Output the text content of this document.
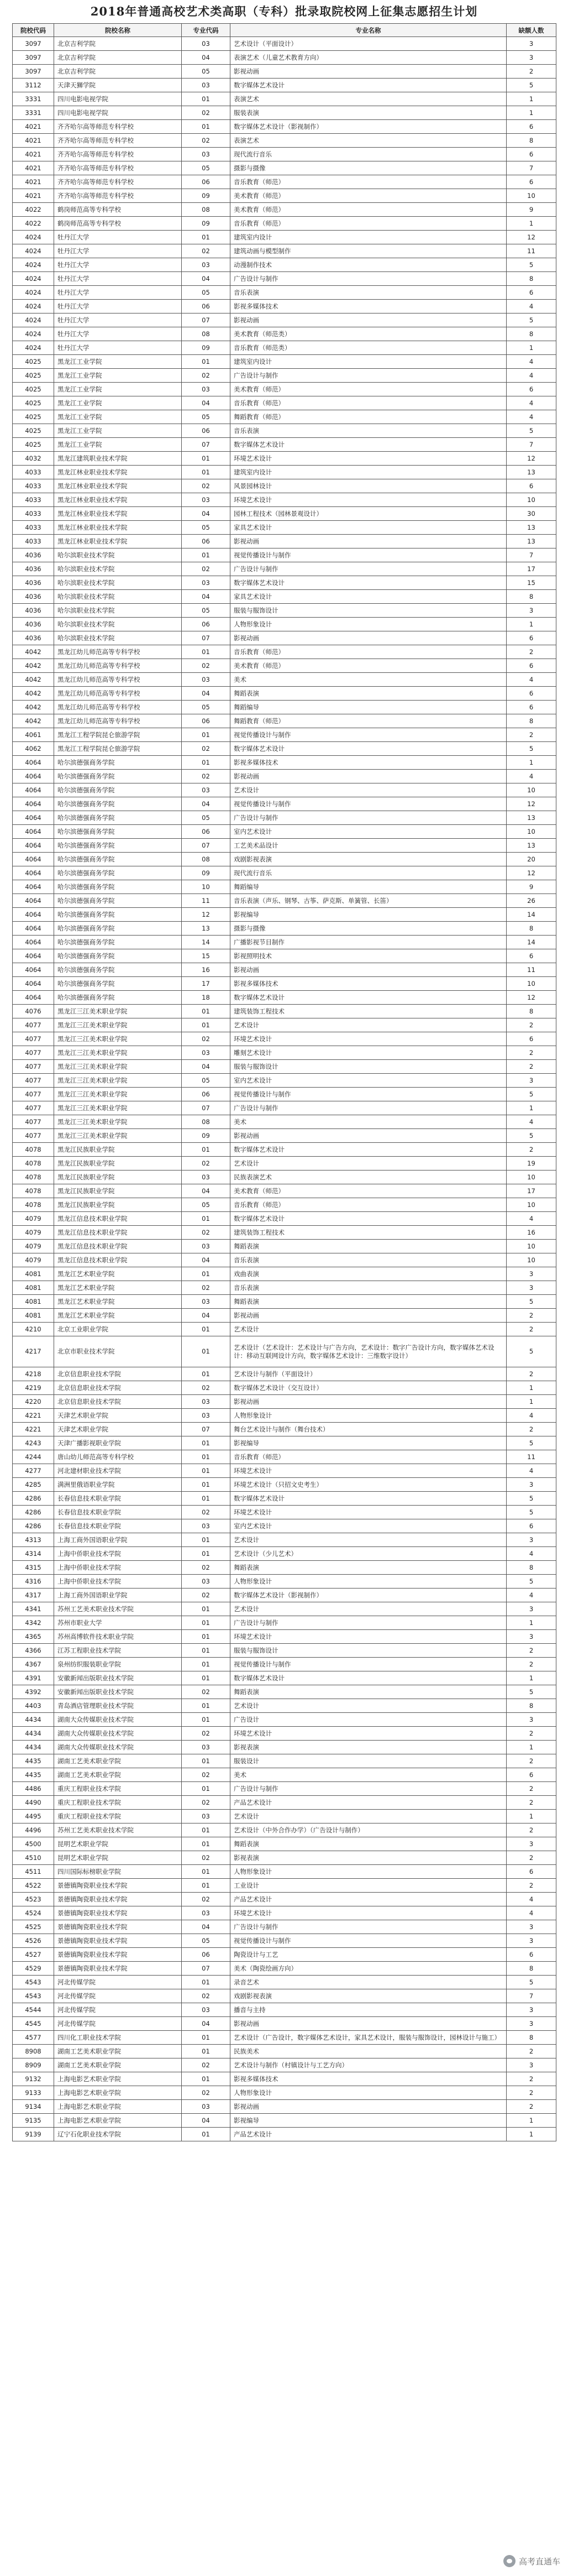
2018年普通高校艺术类高职（专科）批录取院校网上征集志愿招生计划
院校代码	院校名称	专业代码	专业名称	缺额人数
3097	北京吉利学院	03	艺术设计（平面设计）	3
3097	北京吉利学院	04	表演艺术（儿童艺术教育方向）	3
3097	北京吉利学院	05	影视动画	2
3112	天津天狮学院	03	数字媒体艺术设计	5
3331	四川电影电视学院	01	表演艺术	1
3331	四川电影电视学院	02	服装表演	1
4021	齐齐哈尔高等师范专科学校	01	数字媒体艺术设计（影视制作）	6
4021	齐齐哈尔高等师范专科学校	02	表演艺术	8
4021	齐齐哈尔高等师范专科学校	03	现代流行音乐	6
4021	齐齐哈尔高等师范专科学校	05	摄影与摄像	7
4021	齐齐哈尔高等师范专科学校	06	音乐教育（师范）	6
4021	齐齐哈尔高等师范专科学校	09	美术教育（师范）	10
4022	鹤岗师范高等专科学校	08	美术教育（师范）	9
4022	鹤岗师范高等专科学校	09	音乐教育（师范）	1
4024	牡丹江大学	01	建筑室内设计	12
4024	牡丹江大学	02	建筑动画与模型制作	11
4024	牡丹江大学	03	动漫制作技术	5
4024	牡丹江大学	04	广告设计与制作	8
4024	牡丹江大学	05	音乐表演	6
4024	牡丹江大学	06	影视多媒体技术	4
4024	牡丹江大学	07	影视动画	5
4024	牡丹江大学	08	美术教育（师范类）	8
4024	牡丹江大学	09	音乐教育（师范类）	1
4025	黑龙江工业学院	01	建筑室内设计	4
4025	黑龙江工业学院	02	广告设计与制作	4
4025	黑龙江工业学院	03	美术教育（师范）	6
4025	黑龙江工业学院	04	音乐教育（师范）	4
4025	黑龙江工业学院	05	舞蹈教育（师范）	4
4025	黑龙江工业学院	06	音乐表演	5
4025	黑龙江工业学院	07	数字媒体艺术设计	7
4032	黑龙江建筑职业技术学院	01	环境艺术设计	12
4033	黑龙江林业职业技术学院	01	建筑室内设计	13
4033	黑龙江林业职业技术学院	02	风景园林设计	6
4033	黑龙江林业职业技术学院	03	环境艺术设计	10
4033	黑龙江林业职业技术学院	04	园林工程技术（园林景观设计）	30
4033	黑龙江林业职业技术学院	05	家具艺术设计	13
4033	黑龙江林业职业技术学院	06	影视动画	13
4036	哈尔滨职业技术学院	01	视觉传播设计与制作	7
4036	哈尔滨职业技术学院	02	广告设计与制作	17
4036	哈尔滨职业技术学院	03	数字媒体艺术设计	15
4036	哈尔滨职业技术学院	04	家具艺术设计	8
4036	哈尔滨职业技术学院	05	服装与服饰设计	3
4036	哈尔滨职业技术学院	06	人物形象设计	1
4036	哈尔滨职业技术学院	07	影视动画	6
4042	黑龙江幼儿师范高等专科学校	01	音乐教育（师范）	2
4042	黑龙江幼儿师范高等专科学校	02	美术教育（师范）	6
4042	黑龙江幼儿师范高等专科学校	03	美术	4
4042	黑龙江幼儿师范高等专科学校	04	舞蹈表演	6
4042	黑龙江幼儿师范高等专科学校	05	舞蹈编导	6
4042	黑龙江幼儿师范高等专科学校	06	舞蹈教育（师范）	8
4061	黑龙江工程学院昆仑旅游学院	01	视觉传播设计与制作	2
4062	黑龙江工程学院昆仑旅游学院	02	数字媒体艺术设计	5
4064	哈尔滨德强商务学院	01	影视多媒体技术	1
4064	哈尔滨德强商务学院	02	影视动画	4
4064	哈尔滨德强商务学院	03	艺术设计	10
4064	哈尔滨德强商务学院	04	视觉传播设计与制作	12
4064	哈尔滨德强商务学院	05	广告设计与制作	13
4064	哈尔滨德强商务学院	06	室内艺术设计	10
4064	哈尔滨德强商务学院	07	工艺美术品设计	13
4064	哈尔滨德强商务学院	08	戏剧影视表演	20
4064	哈尔滨德强商务学院	09	现代流行音乐	12
4064	哈尔滨德强商务学院	10	舞蹈编导	9
4064	哈尔滨德强商务学院	11	音乐表演（声乐、钢琴、古筝、萨克斯、单簧管、长笛）	26
4064	哈尔滨德强商务学院	12	影视编导	14
4064	哈尔滨德强商务学院	13	摄影与摄像	8
4064	哈尔滨德强商务学院	14	广播影视节目制作	14
4064	哈尔滨德强商务学院	15	影视照明技术	6
4064	哈尔滨德强商务学院	16	影视动画	11
4064	哈尔滨德强商务学院	17	影视多媒体技术	10
4064	哈尔滨德强商务学院	18	数字媒体艺术设计	12
4076	黑龙江三江美术职业学院	01	建筑装饰工程技术	8
4077	黑龙江三江美术职业学院	01	艺术设计	2
4077	黑龙江三江美术职业学院	02	环境艺术设计	6
4077	黑龙江三江美术职业学院	03	雕刻艺术设计	2
4077	黑龙江三江美术职业学院	04	服装与服饰设计	2
4077	黑龙江三江美术职业学院	05	室内艺术设计	3
4077	黑龙江三江美术职业学院	06	视觉传播设计与制作	5
4077	黑龙江三江美术职业学院	07	广告设计与制作	1
4077	黑龙江三江美术职业学院	08	美术	4
4077	黑龙江三江美术职业学院	09	影视动画	5
4078	黑龙江民族职业学院	01	数字媒体艺术设计	2
4078	黑龙江民族职业学院	02	艺术设计	19
4078	黑龙江民族职业学院	03	民族表演艺术	10
4078	黑龙江民族职业学院	04	美术教育（师范）	17
4078	黑龙江民族职业学院	05	音乐教育（师范）	10
4079	黑龙江信息技术职业学院	01	数字媒体艺术设计	4
4079	黑龙江信息技术职业学院	02	建筑装饰工程技术	16
4079	黑龙江信息技术职业学院	03	舞蹈表演	10
4079	黑龙江信息技术职业学院	04	音乐表演	10
4081	黑龙江艺术职业学院	01	戏曲表演	3
4081	黑龙江艺术职业学院	02	音乐表演	3
4081	黑龙江艺术职业学院	03	舞蹈表演	5
4081	黑龙江艺术职业学院	04	影视动画	2
4210	北京工业职业学院	01	艺术设计	2
4217	北京市职业技术学院	01	艺术设计（艺术设计：艺术设计与广告方向，艺术设计：数字广告设计方向，数字媒体艺术设计：移动互联网设计方向，数字媒体艺术设计：三维数字设计）	5
4218	北京信息职业技术学院	01	艺术设计与制作（平面设计）	2
4219	北京信息职业技术学院	02	数字媒体艺术设计（交互设计）	1
4220	北京信息职业技术学院	03	影视动画	1
4221	天津艺术职业学院	03	人物形象设计	4
4221	天津艺术职业学院	07	舞台艺术设计与制作（舞台技术）	2
4243	天津广播影视职业学院	01	影视编导	5
4244	唐山幼儿师范高等专科学校	01	音乐教育（师范）	11
4277	河北建材职业技术学院	01	环境艺术设计	4
4285	满洲里俄语职业学院	01	环境艺术设计（只招文史考生）	3
4286	长春信息技术职业学院	01	数字媒体艺术设计	5
4286	长春信息技术职业学院	02	环境艺术设计	5
4286	长春信息技术职业学院	03	室内艺术设计	6
4313	上海工商外国语职业学院	01	艺术设计	3
4314	上海中侨职业技术学院	01	艺术设计（少儿艺术）	4
4315	上海中侨职业技术学院	02	舞蹈表演	8
4316	上海中侨职业技术学院	03	人物形象设计	5
4317	上海工商外国语职业学院	02	数字媒体艺术设计（影视制作）	4
4341	苏州工艺美术职业技术学院	01	艺术设计	3
4342	苏州市职业大学	01	广告设计与制作	1
4365	苏州高博软件技术职业学院	01	环境艺术设计	3
4366	江苏工程职业技术学院	01	服装与服饰设计	2
4367	泉州纺织服装职业学院	01	视觉传播设计与制作	2
4391	安徽新闻出版职业技术学院	01	数字媒体艺术设计	1
4392	安徽新闻出版职业技术学院	02	舞蹈表演	5
4403	青岛酒店管理职业技术学院	01	艺术设计	8
4434	湖南大众传媒职业技术学院	01	广告设计	3
4434	湖南大众传媒职业技术学院	02	环境艺术设计	2
4434	湖南大众传媒职业技术学院	03	影视表演	1
4435	湖南工艺美术职业学院	01	服装设计	2
4435	湖南工艺美术职业学院	02	美术	6
4486	重庆工程职业技术学院	01	广告设计与制作	2
4490	重庆工程职业技术学院	02	产品艺术设计	2
4495	重庆工程职业技术学院	03	艺术设计	1
4496	苏州工艺美术职业技术学院	01	艺术设计（中外合作办学）（广告设计与制作）	2
4500	昆明艺术职业学院	01	舞蹈表演	3
4510	昆明艺术职业学院	02	影视表演	2
4511	四川国际标榜职业学院	01	人物形象设计	6
4522	景德镇陶瓷职业技术学院	01	工业设计	2
4523	景德镇陶瓷职业技术学院	02	产品艺术设计	4
4524	景德镇陶瓷职业技术学院	03	环境艺术设计	4
4525	景德镇陶瓷职业技术学院	04	广告设计与制作	3
4526	景德镇陶瓷职业技术学院	05	视觉传播设计与制作	3
4527	景德镇陶瓷职业技术学院	06	陶瓷设计与工艺	6
4529	景德镇陶瓷职业技术学院	07	美术（陶瓷绘画方向）	8
4543	河北传媒学院	01	录音艺术	5
4543	河北传媒学院	02	戏剧影视表演	7
4544	河北传媒学院	03	播音与主持	3
4545	河北传媒学院	04	影视动画	3
4577	四川化工职业技术学院	01	艺术设计（广告设计，数字媒体艺术设计，家具艺术设计，服装与服饰设计，园林设计与施工）	8
8908	湖南工艺美术职业学院	01	民族美术	2
8909	湖南工艺美术职业学院	02	艺术设计与制作（村镇设计与工艺方向）	3
9132	上海电影艺术职业学院	01	影视多媒体技术	2
9133	上海电影艺术职业学院	02	人物形象设计	2
9134	上海电影艺术职业学院	03	影视动画	2
9135	上海电影艺术职业学院	04	影视编导	1
9139	辽宁石化职业技术学院	01	产品艺术设计	1
高考直通车
